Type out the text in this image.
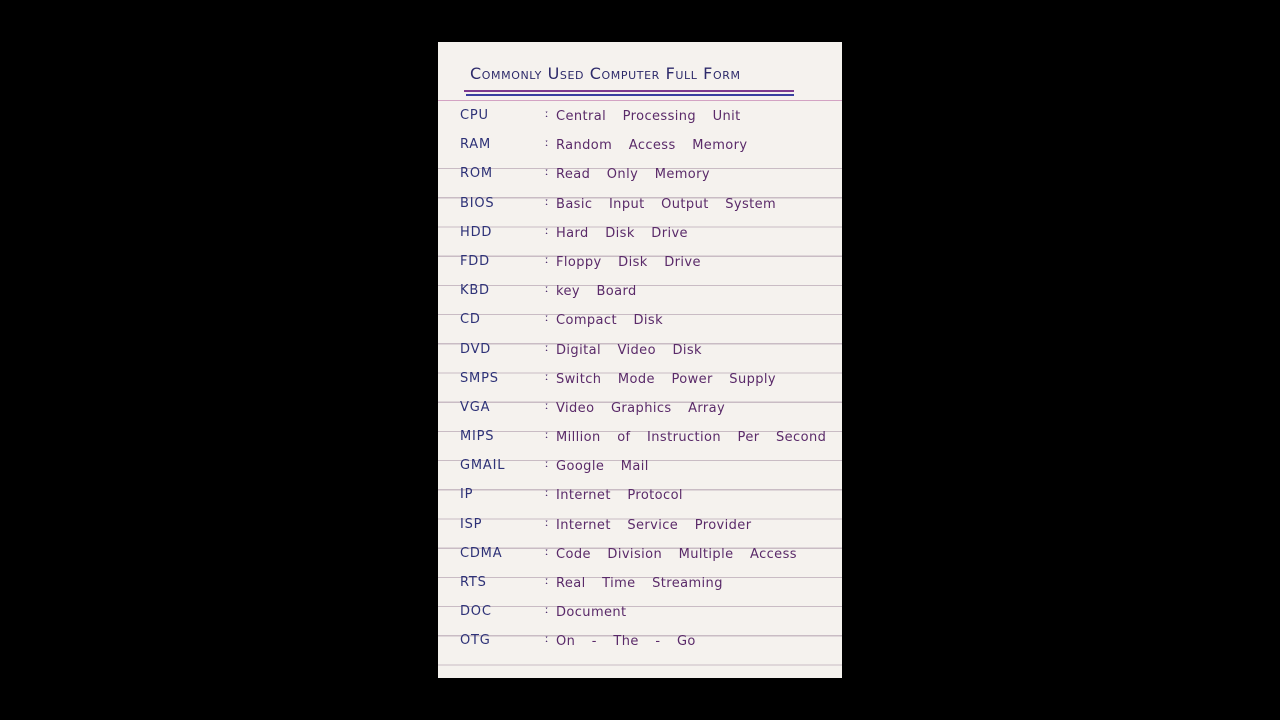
Commonly Used Computer Full Form
CPU	ː Central Processing Unit
RAM	ː Random Access Memory
ROM	ː Read Only Memory
BIOS	ː Basic Input Output System
HDD	ː Hard Disk Drive
FDD	ː Floppy Disk Drive
KBD	ː key Board
CD	ː Compact Disk
DVD	ː Digital Video Disk
SMPS	ː Switch Mode Power Supply
VGA	ː Video Graphics Array
MIPS	ː Million of Instruction Per Second
GMAIL	ː Google Mail
IP	ː Internet Protocol
ISP	ː Internet Service Provider
CDMA	ː Code Division Multiple Access
RTS	ː Real Time Streaming
DOC	ː Document
OTG	ː On - The - Go
